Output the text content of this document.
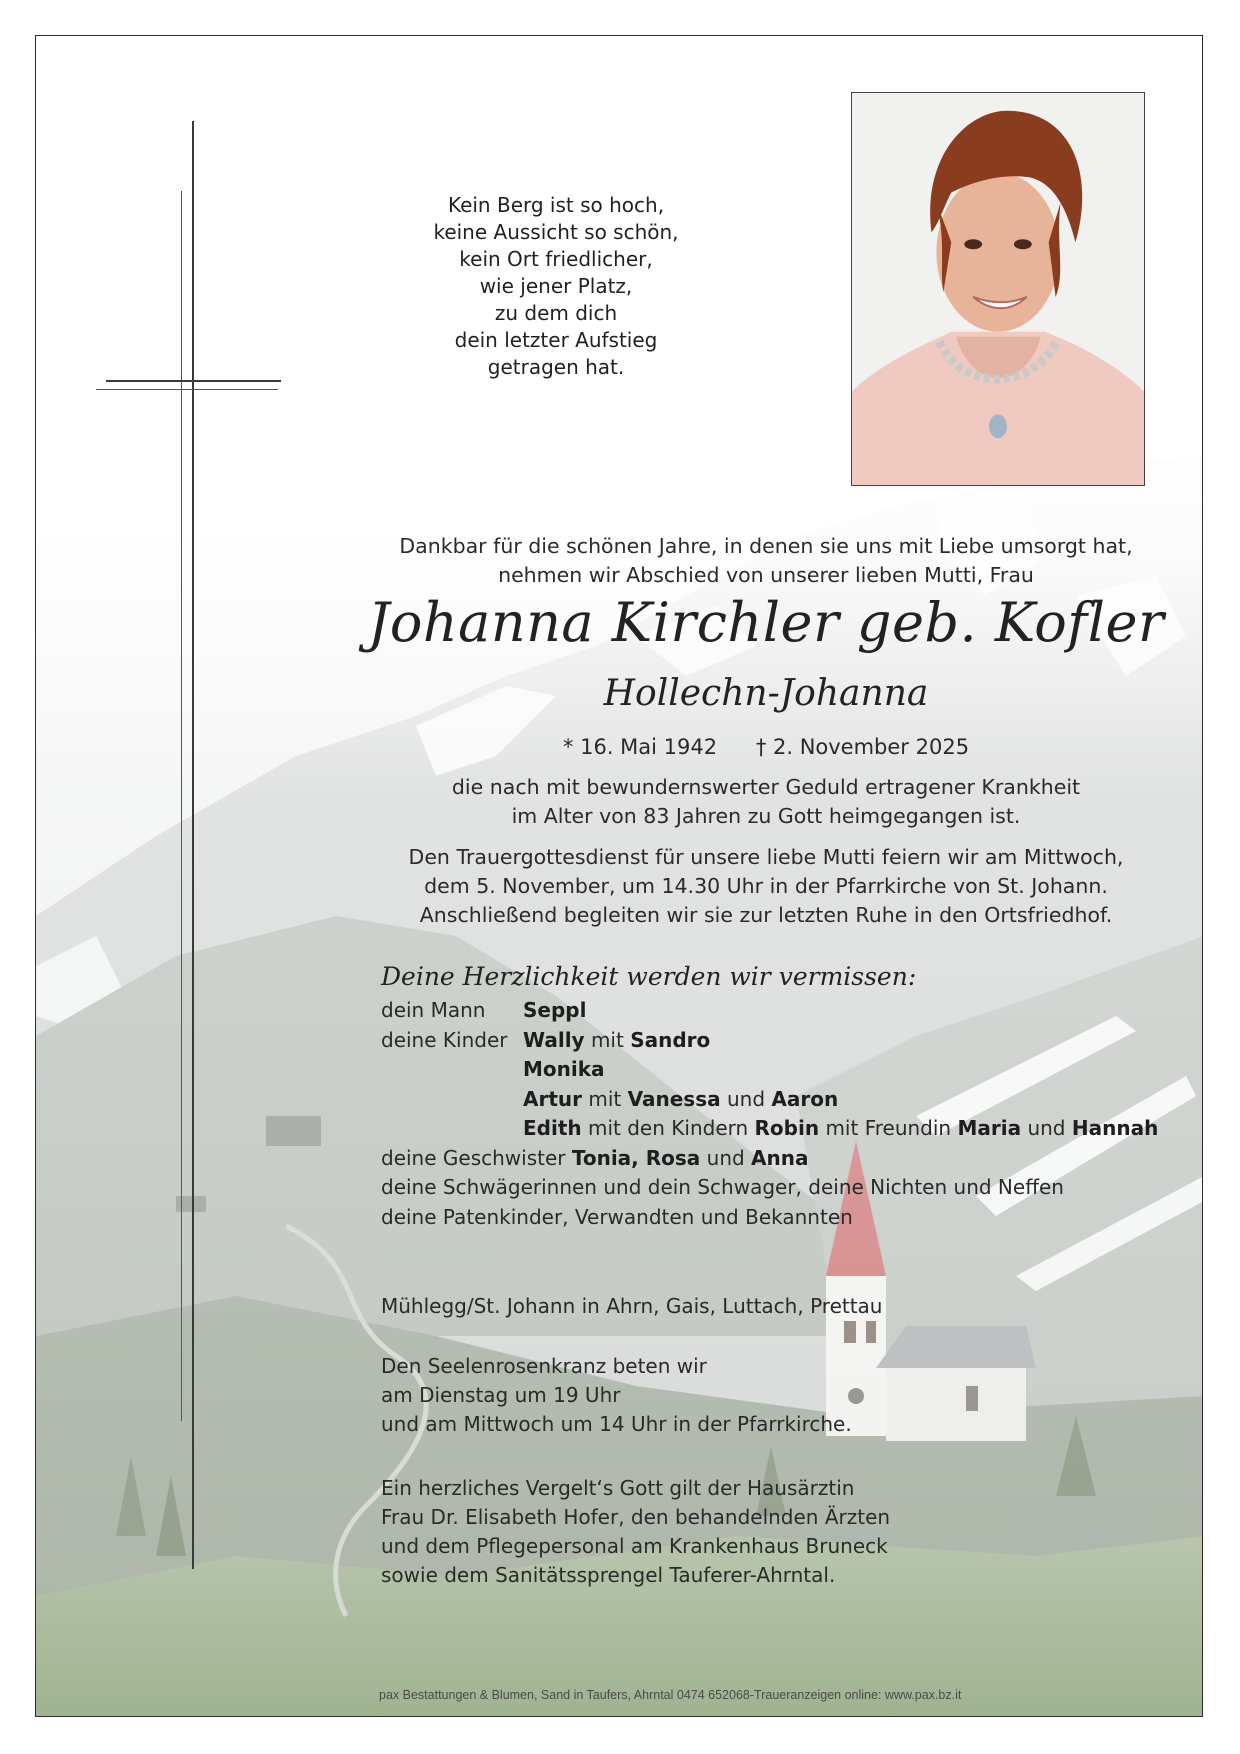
Kein Berg ist so hoch,
keine Aussicht so schön,
kein Ort friedlicher,
wie jener Platz,
zu dem dich
dein letzter Aufstieg
getragen hat.
Dankbar für die schönen Jahre, in denen sie uns mit Liebe umsorgt hat,
nehmen wir Abschied von unserer lieben Mutti, Frau
Johanna Kirchler geb. Kofler
Hollechn-Johanna
* 16. Mai 1942 † 2. November 2025
die nach mit bewundernswerter Geduld ertragener Krankheit
im Alter von 83 Jahren zu Gott heimgegangen ist.
Den Trauergottesdienst für unsere liebe Mutti feiern wir am Mittwoch,
dem 5. November, um 14.30 Uhr in der Pfarrkirche von St. Johann.
Anschließend begleiten wir sie zur letzten Ruhe in den Ortsfriedhof.
Deine Herzlichkeit werden wir vermissen:
dein Mann Seppl
deine Kinder Wally mit Sandro
Monika
Artur mit Vanessa und Aaron
Edith mit den Kindern Robin mit Freundin Maria und Hannah
deine Geschwister Tonia, Rosa und Anna
deine Schwägerinnen und dein Schwager, deine Nichten und Neffen
deine Patenkinder, Verwandten und Bekannten
Mühlegg/St. Johann in Ahrn, Gais, Luttach, Prettau
Den Seelenrosenkranz beten wir
am Dienstag um 19 Uhr
und am Mittwoch um 14 Uhr in der Pfarrkirche.
Ein herzliches Vergelt‘s Gott gilt der Hausärztin
Frau Dr. Elisabeth Hofer, den behandelnden Ärzten
und dem Pflegepersonal am Krankenhaus Bruneck
sowie dem Sanitätssprengel Tauferer-Ahrntal.
pax Bestattungen & Blumen, Sand in Taufers, Ahrntal 0474 652068-Traueranzeigen online: www.pax.bz.it
